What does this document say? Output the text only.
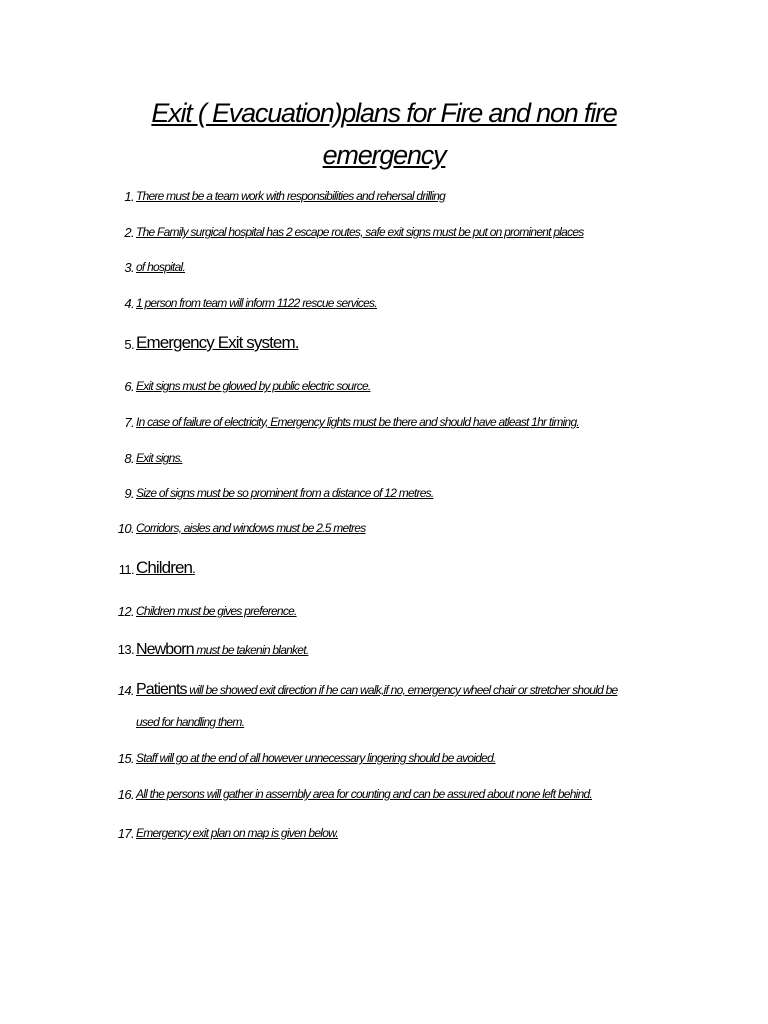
Exit ( Evacuation)plans for Fire and non fire
emergency
1. There must be a team work with responsibilities and rehersal drilling
2. The Family surgical hospital has 2 escape routes, safe exit signs must be put on prominent places
3. of hospital.
4. 1 person from team will inform 1122 rescue services.
5. Emergency Exit system.
6. Exit signs must be glowed by public electric source.
7. In case of failure of electricity, Emergency lights must be there and should have atleast 1hr timing.
8. Exit signs.
9. Size of signs must be so prominent from a distance of 12 metres.
10. Corridors, aisles and windows must be 2.5 metres
11. Children.
12. Children must be gives preference.
13. Newborn must be takenin blanket.
14. Patients will be showed exit direction if he can walk,if no, emergency wheel chair or stretcher should be
used for handling them.
15. Staff will go at the end of all however unnecessary lingering should be avoided.
16. All the persons will gather in assembly area for counting and can be assured about none left behind.
17. Emergency exit plan on map is given below.
